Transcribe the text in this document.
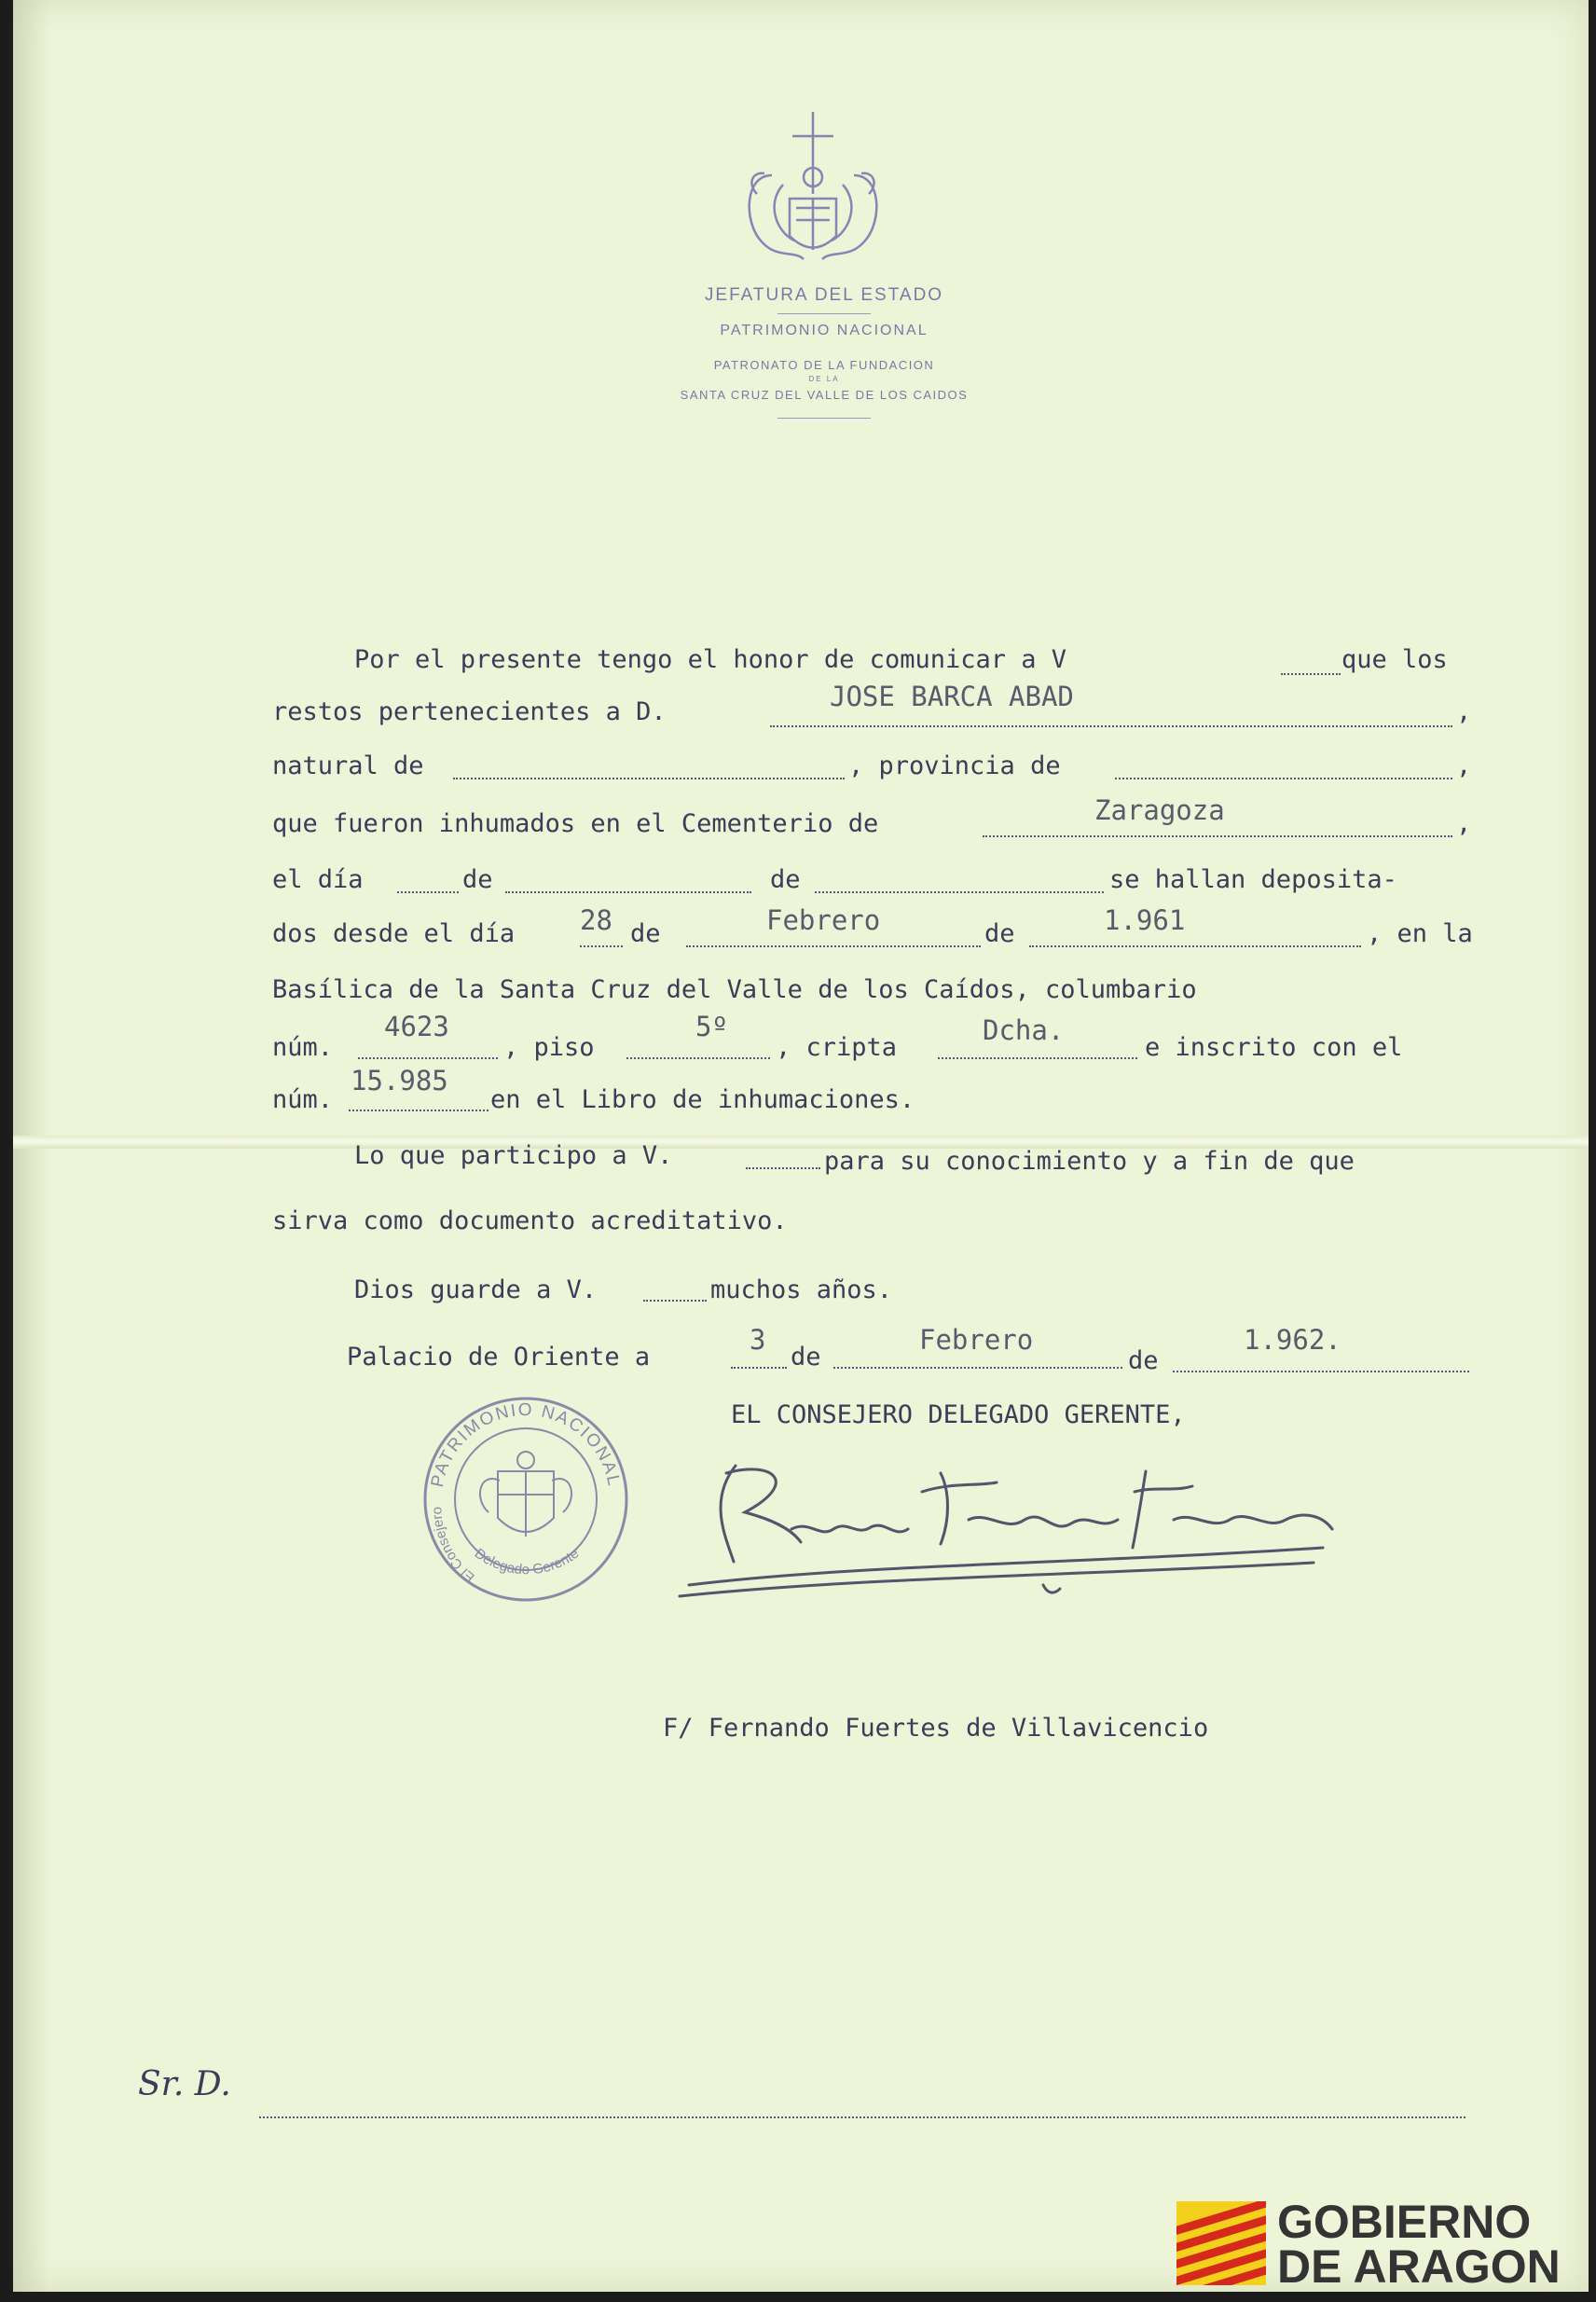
JEFATURA DEL ESTADO
PATRIMONIO NACIONAL
PATRONATO DE LA FUNDACION
DE LA
SANTA CRUZ DEL VALLE DE LOS CAIDOS
Por el presente tengo el honor de comunicar a V	que los
restos pertenecientes a D.	JOSE BARCA ABAD	,
natural de	, provincia de	,
que fueron inhumados en el Cementerio de	Zaragoza	,
el día	de	de	se hallan deposita-
dos desde el día 28 de	Febrero	de	1.961	, en la
Basílica de la Santa Cruz del Valle de los Caídos, columbario
núm.
4623
, piso
5º
, cripta
Dcha.
e inscrito con el
núm.
15.985
en el Libro de inhumaciones.
Lo que participo a V.	para su conocimiento y a fin de que
sirva como documento acreditativo.
Dios guarde a V.	muchos años.
Palacio de Oriente a
3
de
Febrero
de
1.962.
EL CONSEJERO DELEGADO GERENTE,
PATRIMONIO NACIONAL
El Consejero
Delegado Gerente
F/ Fernando Fuertes de Villavicencio
Sr. D.
GOBIERNO
DE ARAGON
